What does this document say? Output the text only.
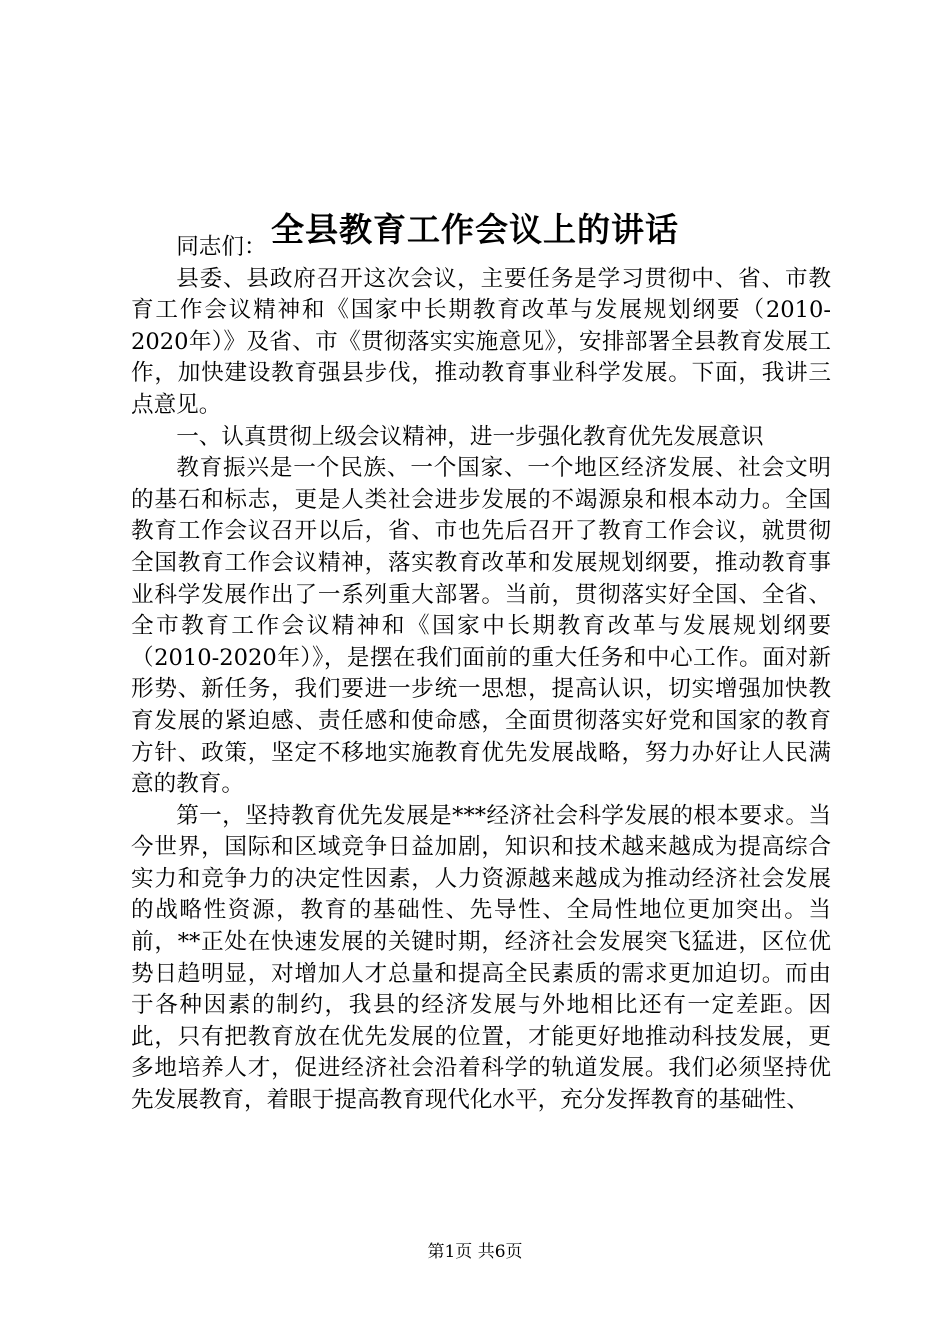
全县教育工作会议上的讲话

同志们：

县委、县政府召开这次会议，主要任务是学习贯彻中、省、市教育工作会议精神和《国家中长期教育改革与发展规划纲要（2010-2020年）》及省、市《贯彻落实实施意见》，安排部署全县教育发展工作，加快建设教育强县步伐，推动教育事业科学发展。下面，我讲三点意见。

一、认真贯彻上级会议精神，进一步强化教育优先发展意识

教育振兴是一个民族、一个国家、一个地区经济发展、社会文明的基石和标志，更是人类社会进步发展的不竭源泉和根本动力。全国教育工作会议召开以后，省、市也先后召开了教育工作会议，就贯彻全国教育工作会议精神，落实教育改革和发展规划纲要，推动教育事业科学发展作出了一系列重大部署。当前，贯彻落实好全国、全省、全市教育工作会议精神和《国家中长期教育改革与发展规划纲要（2010-2020年）》，是摆在我们面前的重大任务和中心工作。面对新形势、新任务，我们要进一步统一思想，提高认识，切实增强加快教育发展的紧迫感、责任感和使命感，全面贯彻落实好党和国家的教育方针、政策，坚定不移地实施教育优先发展战略，努力办好让人民满意的教育。

第一，坚持教育优先发展是***经济社会科学发展的根本要求。当今世界，国际和区域竞争日益加剧，知识和技术越来越成为提高综合实力和竞争力的决定性因素，人力资源越来越成为推动经济社会发展的战略性资源，教育的基础性、先导性、全局性地位更加突出。当前，**正处在快速发展的关键时期，经济社会发展突飞猛进，区位优势日趋明显，对增加人才总量和提高全民素质的需求更加迫切。而由于各种因素的制约，我县的经济发展与外地相比还有一定差距。因此，只有把教育放在优先发展的位置，才能更好地推动科技发展，更多地培养人才，促进经济社会沿着科学的轨道发展。我们必须坚持优先发展教育，着眼于提高教育现代化水平，充分发挥教育的基础性、

第1页 共6页
